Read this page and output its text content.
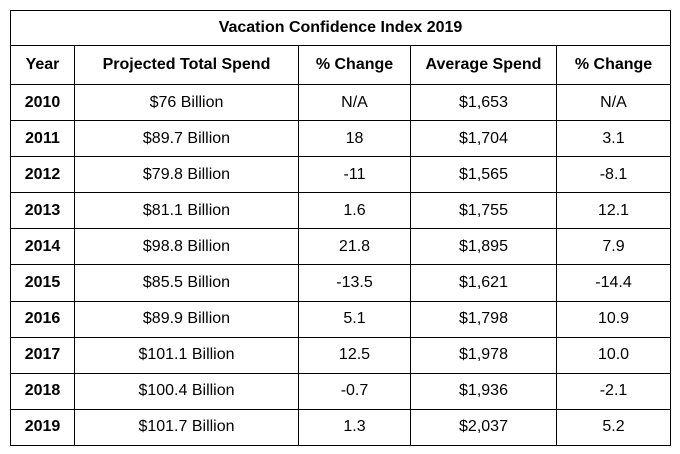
Vacation Confidence Index 2019				
Year	Projected Total Spend	% Change	Average Spend	% Change
2010	$76 Billion	N/A	$1,653	N/A
2011	$89.7 Billion	18	$1,704	3.1
2012	$79.8 Billion	-11	$1,565	-8.1
2013	$81.1 Billion	1.6	$1,755	12.1
2014	$98.8 Billion	21.8	$1,895	7.9
2015	$85.5 Billion	-13.5	$1,621	-14.4
2016	$89.9 Billion	5.1	$1,798	10.9
2017	$101.1 Billion	12.5	$1,978	10.0
2018	$100.4 Billion	-0.7	$1,936	-2.1
2019	$101.7 Billion	1.3	$2,037	5.2
